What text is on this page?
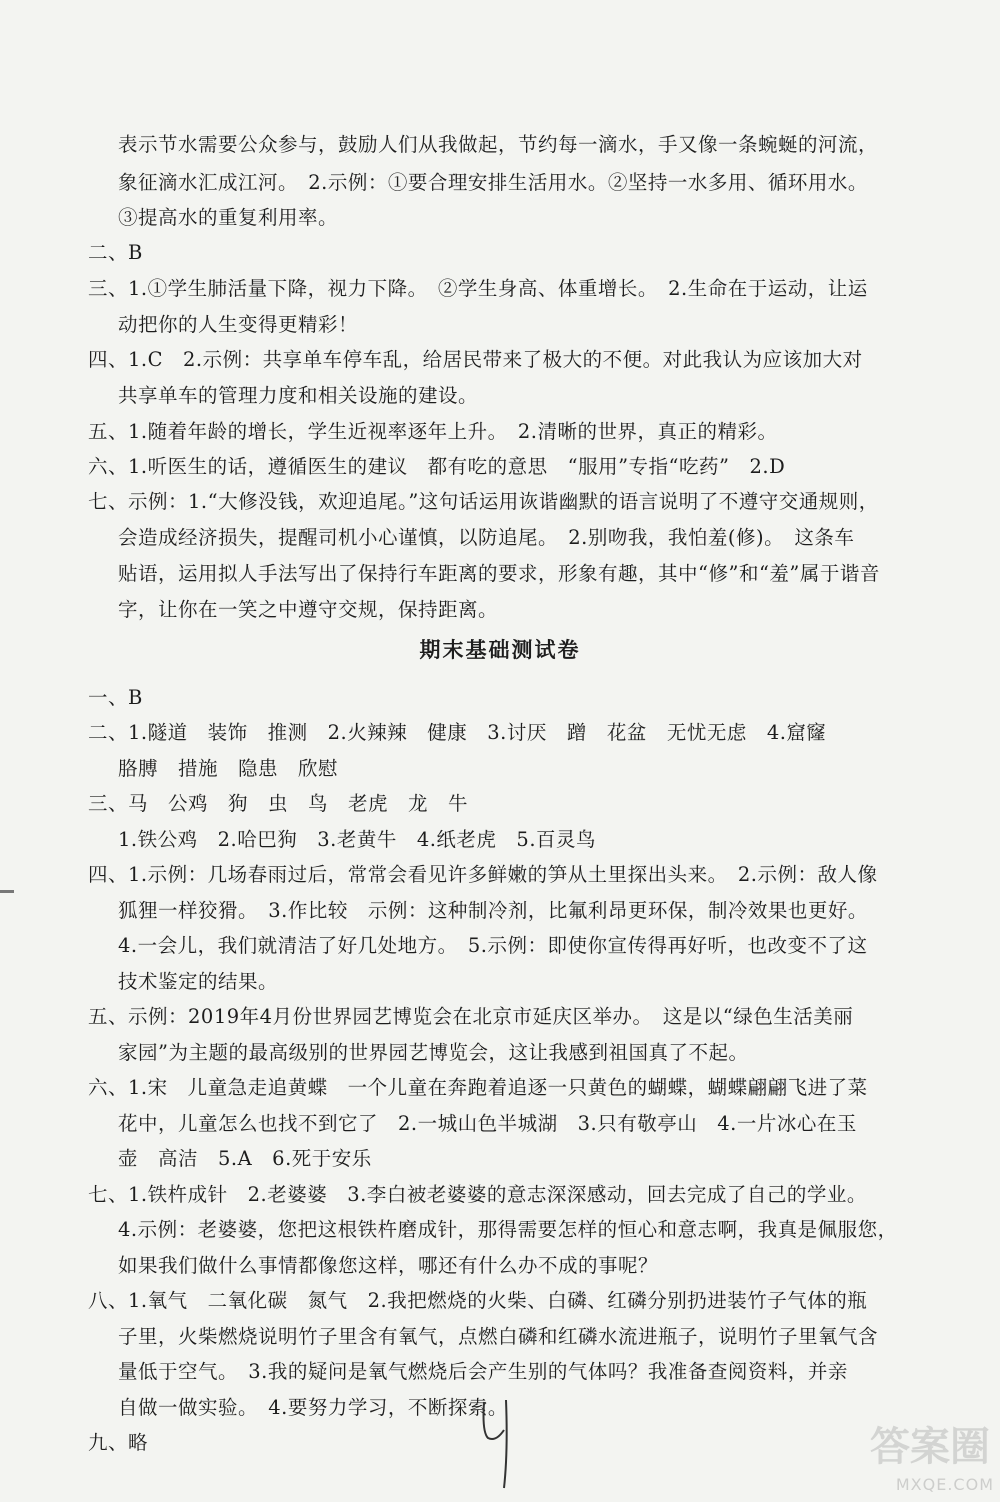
表示节水需要公众参与，鼓励人们从我做起，节约每一滴水，手又像一条蜿蜒的河流，
象征滴水汇成江河。　2.示例：①要合理安排生活用水。②坚持一水多用、循环用水。
③提高水的重复利用率。
二、B
三、1.①学生肺活量下降，视力下降。　②学生身高、体重增长。　2.生命在于运动，让运
动把你的人生变得更精彩！
四、1.C　2.示例：共享单车停车乱，给居民带来了极大的不便。对此我认为应该加大对
共享单车的管理力度和相关设施的建设。
五、1.随着年龄的增长，学生近视率逐年上升。　2.清晰的世界，真正的精彩。
六、1.听医生的话，遵循医生的建议　都有吃的意思　“服用”专指“吃药”　2.D
七、示例：1.“大修没钱，欢迎追尾。”这句话运用诙谐幽默的语言说明了不遵守交通规则，
会造成经济损失，提醒司机小心谨慎，以防追尾。　2.别吻我，我怕羞(修)。　这条车
贴语，运用拟人手法写出了保持行车距离的要求，形象有趣，其中“修”和“羞”属于谐音
字，让你在一笑之中遵守交规，保持距离。
期末基础测试卷
一、B
二、1.隧道　装饰　推测　2.火辣辣　健康　3.讨厌　蹭　花盆　无忧无虑　4.窟窿
胳膊　措施　隐患　欣慰
三、马　公鸡　狗　虫　鸟　老虎　龙　牛
1.铁公鸡　2.哈巴狗　3.老黄牛　4.纸老虎　5.百灵鸟
四、1.示例：几场春雨过后，常常会看见许多鲜嫩的笋从土里探出头来。　2.示例：敌人像
狐狸一样狡猾。　3.作比较　示例：这种制冷剂，比氟利昂更环保，制冷效果也更好。
4.一会儿，我们就清洁了好几处地方。　5.示例：即使你宣传得再好听，也改变不了这
技术鉴定的结果。
五、示例：2019年4月份世界园艺博览会在北京市延庆区举办。　这是以“绿色生活美丽
家园”为主题的最高级别的世界园艺博览会，这让我感到祖国真了不起。
六、1.宋　儿童急走追黄蝶　一个儿童在奔跑着追逐一只黄色的蝴蝶，蝴蝶翩翩飞进了菜
花中，儿童怎么也找不到它了　2.一城山色半城湖　3.只有敬亭山　4.一片冰心在玉
壶　高洁　5.A　6.死于安乐
七、1.铁杵成针　2.老婆婆　3.李白被老婆婆的意志深深感动，回去完成了自己的学业。
4.示例：老婆婆，您把这根铁杵磨成针，那得需要怎样的恒心和意志啊，我真是佩服您，
如果我们做什么事情都像您这样，哪还有什么办不成的事呢？
八、1.氧气　二氧化碳　氮气　2.我把燃烧的火柴、白磷、红磷分别扔进装竹子气体的瓶
子里，火柴燃烧说明竹子里含有氧气，点燃白磷和红磷水流进瓶子，说明竹子里氧气含
量低于空气。　3.我的疑问是氧气燃烧后会产生别的气体吗？我准备查阅资料，并亲
自做一做实验。　4.要努力学习，不断探索。
九、略	答案圈
MXQE.COM
